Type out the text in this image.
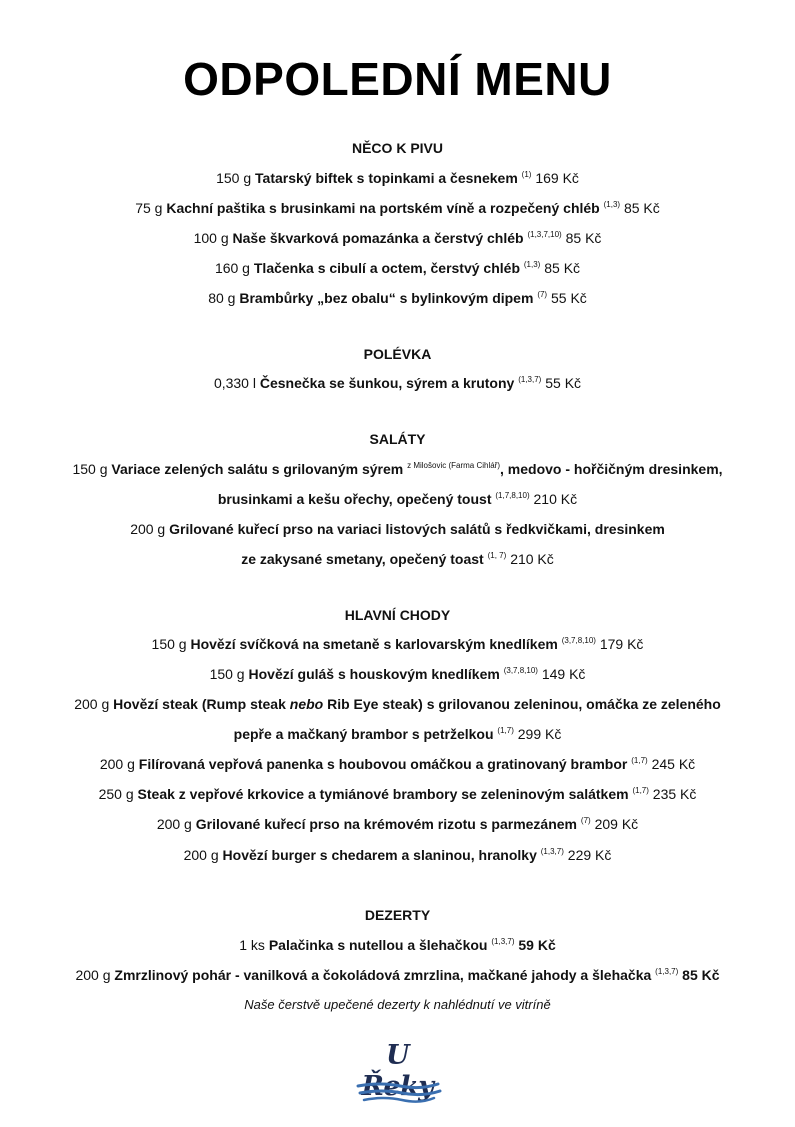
ODPOLEDNÍ MENU
NĚCO K PIVU
150 g Tatarský biftek s topinkami a česnekem $^{(1)}$ 169 Kč
75 g Kachní paštika s brusinkami na portském víně a rozpečený chléb $^{(1,3)}$ 85 Kč
100 g Naše škvarková pomazánka a čerstvý chléb $^{(1,3,7,10)}$ 85 Kč
160 g Tlačenka s cibulí a octem, čerstvý chléb $^{(1,3)}$ 85 Kč
80 g Brambůrky „bez obalu“ s bylinkovým dipem $^{(7)}$ 55 Kč
POLÉVKA
0,330 l Česnečka se šunkou, sýrem a krutony $^{(1,3,7)}$ 55 Kč
SALÁTY
150 g Variace zelených salátu s grilovaným sýrem $^{z Milošovic (Farma Cihlář)}$, medovo - hořčičným dresinkem,
brusinkami a kešu ořechy, opečený toust $^{(1,7,8,10)}$ 210 Kč
200 g Grilované kuřecí prso na variaci listových salátů s ředkvičkami, dresinkem
ze zakysané smetany, opečený toast $^{(1, 7)}$ 210 Kč
HLAVNÍ CHODY
150 g Hovězí svíčková na smetaně s karlovarským knedlíkem $^{(3,7,8,10)}$ 179 Kč
150 g Hovězí guláš s houskovým knedlíkem $^{(3,7,8,10)}$ 149 Kč
200 g Hovězí steak (Rump steak nebo Rib Eye steak) s grilovanou zeleninou, omáčka ze zeleného
pepře a mačkaný brambor s petrželkou $^{(1,7)}$ 299 Kč
200 g Filírovaná vepřová panenka s houbovou omáčkou a gratinovaný brambor $^{(1,7)}$ 245 Kč
250 g Steak z vepřové krkovice a tymiánové brambory se zeleninovým salátkem $^{(1,7)}$ 235 Kč
200 g Grilované kuřecí prso na krémovém rizotu s parmezánem $^{(7)}$ 209 Kč
200 g Hovězí burger s chedarem a slaninou, hranolky $^{(1,3,7)}$ 229 Kč
DEZERTY
1 ks Palačinka s nutellou a šlehačkou $^{(1,3,7)}$ 59 Kč
200 g Zmrzlinový pohár - vanilková a čokoládová zmrzlina, mačkané jahody a šlehačka $^{(1,3,7)}$ 85 Kč
Naše čerstvě upečené dezerty k nahlédnutí ve vitríně
U Řeky
